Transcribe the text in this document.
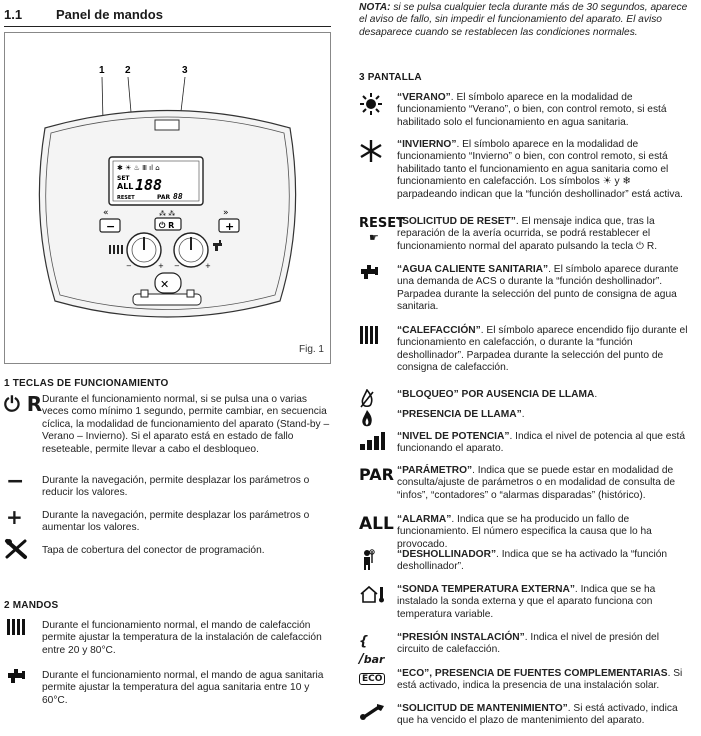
1.1	Panel de mandos
1 2	3
✱ ☀ ♨ Ⅲ ıl ⌂
SET
ALL 188
RESET	PAR 88
«
−
»
+
⁂ ⁂
⏻ R
−	+ −	+
✕
Fig. 1
1 TECLAS DE FUNCIONAMIENTO
⏻ R Durante el funcionamiento normal, si se pulsa una o varias veces como mínimo 1 segundo, permite cambiar, en secuencia cíclica, la modalidad de funcionamiento del aparato (Stand-by – Verano – Invierno). Si el aparato está en estado de fallo reseteable, permite llevar a cabo el desbloqueo.
− Durante la navegación, permite desplazar los parámetros o reducir los valores.
+ Durante la navegación, permite desplazar los parámetros o aumentar los valores.
Tapa de cobertura del conector de programación.
2 MANDOS
Durante el funcionamiento normal, el mando de calefacción permite ajustar la temperatura de la instalación de calefacción entre 20 y 80°C.
Durante el funcionamiento normal, el mando de agua sanitaria permite ajustar la temperatura del agua sanitaria entre 10 y 60°C.
NOTA: si se pulsa cualquier tecla durante más de 30 segundos, aparece el aviso de fallo, sin impedir el funcionamiento del aparato. El aviso desaparece cuando se restablecen las condiciones normales.
3 PANTALLA
“VERANO”. El símbolo aparece en la modalidad de funcionamiento “Verano”, o bien, con control remoto, si está habilitado solo el funcionamiento en agua sanitaria.
“INVIERNO”. El símbolo aparece en la modalidad de funcionamiento “Invierno” o bien, con control remoto, si está habilitado tanto el funcionamiento en agua sanitaria como el funcionamiento en calefacción. Los símbolos ☀ y ❄ parpadeando indican que la “función deshollinador” está activa.
RESET
☛
“SOLICITUD DE RESET”. El mensaje indica que, tras la reparación de la avería ocurrida, se podrá restablecer el funcionamiento normal del aparato pulsando la tecla ⏻ R.
“AGUA CALIENTE SANITARIA”. El símbolo aparece durante una demanda de ACS o durante la “función deshollinador”. Parpadea durante la selección del punto de consigna de agua sanitaria.
“CALEFACCIÓN”. El símbolo aparece encendido fijo durante el funcionamiento en calefacción, o durante la “función deshollinador”. Parpadea durante la selección del punto de consigna de calefacción.
“BLOQUEO” POR AUSENCIA DE LLAMA.
“PRESENCIA DE LLAMA”.
“NIVEL DE POTENCIA”. Indica el nivel de potencia al que está funcionando el aparato.
PAR “PARÁMETRO”. Indica que se puede estar en modalidad de consulta/ajuste de parámetros o en modalidad de consulta de “infos”, “contadores” o “alarmas disparadas” (histórico).
ALL “ALARMA”. Indica que se ha producido un fallo de funcionamiento. El número especifica la causa que lo ha provocado.
“DESHOLLINADOR”. Indica que se ha activado la “función deshollinador”.
“SONDA TEMPERATURA EXTERNA”. Indica que se ha instalado la sonda externa y que el aparato funciona con temperatura variable.
{ /bar
“PRESIÓN INSTALACIÓN”. Indica el nivel de presión del circuito de calefacción.
ECO	“ECO”, PRESENCIA DE FUENTES COMPLEMENTARIAS. Si está activado, indica la presencia de una instalación solar.
“SOLICITUD DE MANTENIMIENTO”. Si está activado, indica que ha vencido el plazo de mantenimiento del aparato.
